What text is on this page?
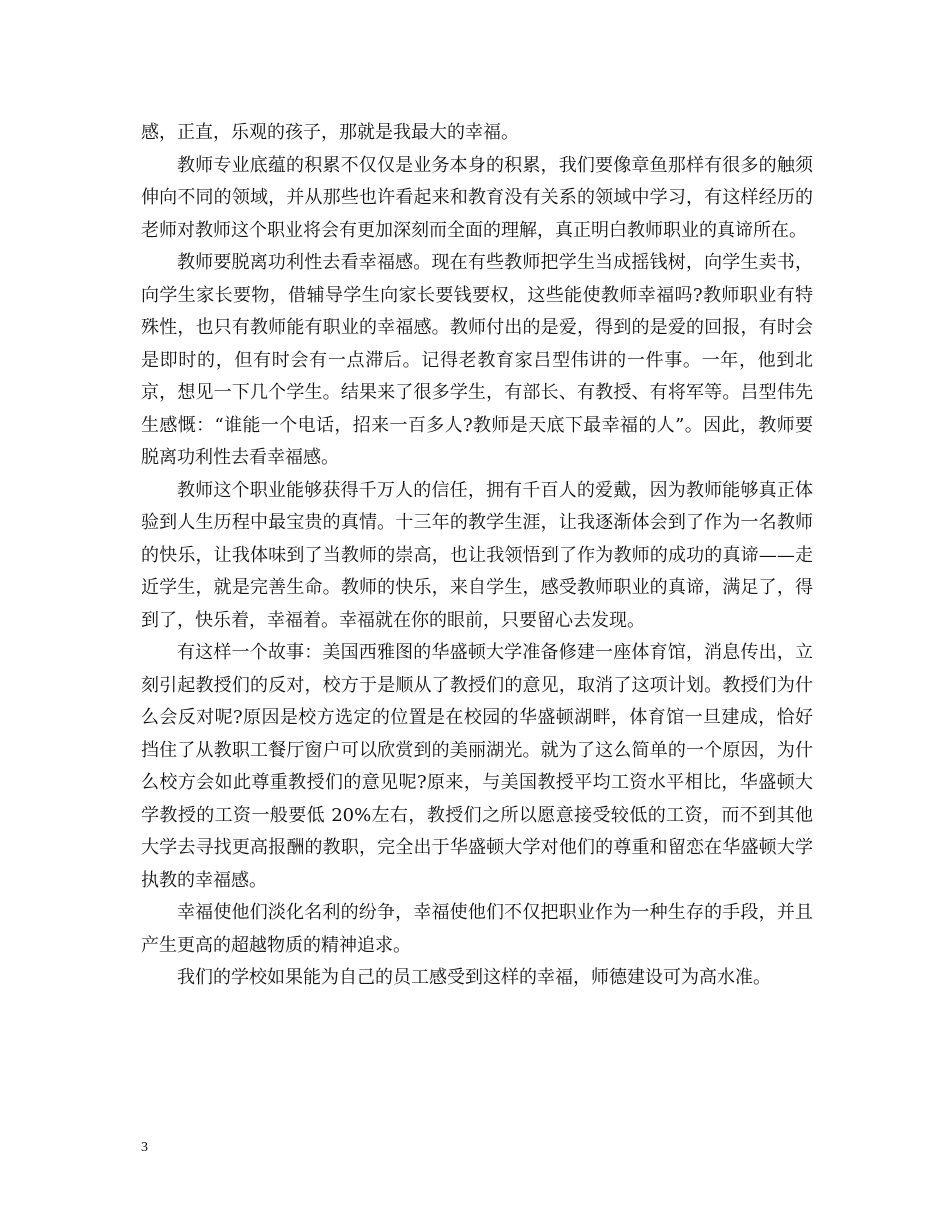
感，正直，乐观的孩子，那就是我最大的幸福。

教师专业底蕴的积累不仅仅是业务本身的积累，我们要像章鱼那样有很多的触须伸向不同的领域，并从那些也许看起来和教育没有关系的领域中学习，有这样经历的老师对教师这个职业将会有更加深刻而全面的理解，真正明白教师职业的真谛所在。

教师要脱离功利性去看幸福感。现在有些教师把学生当成摇钱树，向学生卖书，向学生家长要物，借辅导学生向家长要钱要权，这些能使教师幸福吗?教师职业有特殊性，也只有教师能有职业的幸福感。教师付出的是爱，得到的是爱的回报，有时会是即时的，但有时会有一点滞后。记得老教育家吕型伟讲的一件事。一年，他到北京，想见一下几个学生。结果来了很多学生，有部长、有教授、有将军等。吕型伟先生感慨：“谁能一个电话，招来一百多人?教师是天底下最幸福的人”。因此，教师要脱离功利性去看幸福感。

教师这个职业能够获得千万人的信任，拥有千百人的爱戴，因为教师能够真正体验到人生历程中最宝贵的真情。十三年的教学生涯，让我逐渐体会到了作为一名教师的快乐，让我体味到了当教师的崇高，也让我领悟到了作为教师的成功的真谛——走近学生，就是完善生命。教师的快乐，来自学生，感受教师职业的真谛，满足了，得到了，快乐着，幸福着。幸福就在你的眼前，只要留心去发现。

有这样一个故事：美国西雅图的华盛顿大学准备修建一座体育馆，消息传出，立刻引起教授们的反对，校方于是顺从了教授们的意见，取消了这项计划。教授们为什么会反对呢?原因是校方选定的位置是在校园的华盛顿湖畔，体育馆一旦建成，恰好挡住了从教职工餐厅窗户可以欣赏到的美丽湖光。就为了这么简单的一个原因，为什么校方会如此尊重教授们的意见呢?原来，与美国教授平均工资水平相比，华盛顿大学教授的工资一般要低 20%左右，教授们之所以愿意接受较低的工资，而不到其他大学去寻找更高报酬的教职，完全出于华盛顿大学对他们的尊重和留恋在华盛顿大学执教的幸福感。

幸福使他们淡化名利的纷争，幸福使他们不仅把职业作为一种生存的手段，并且产生更高的超越物质的精神追求。

我们的学校如果能为自己的员工感受到这样的幸福，师德建设可为高水准。

3
